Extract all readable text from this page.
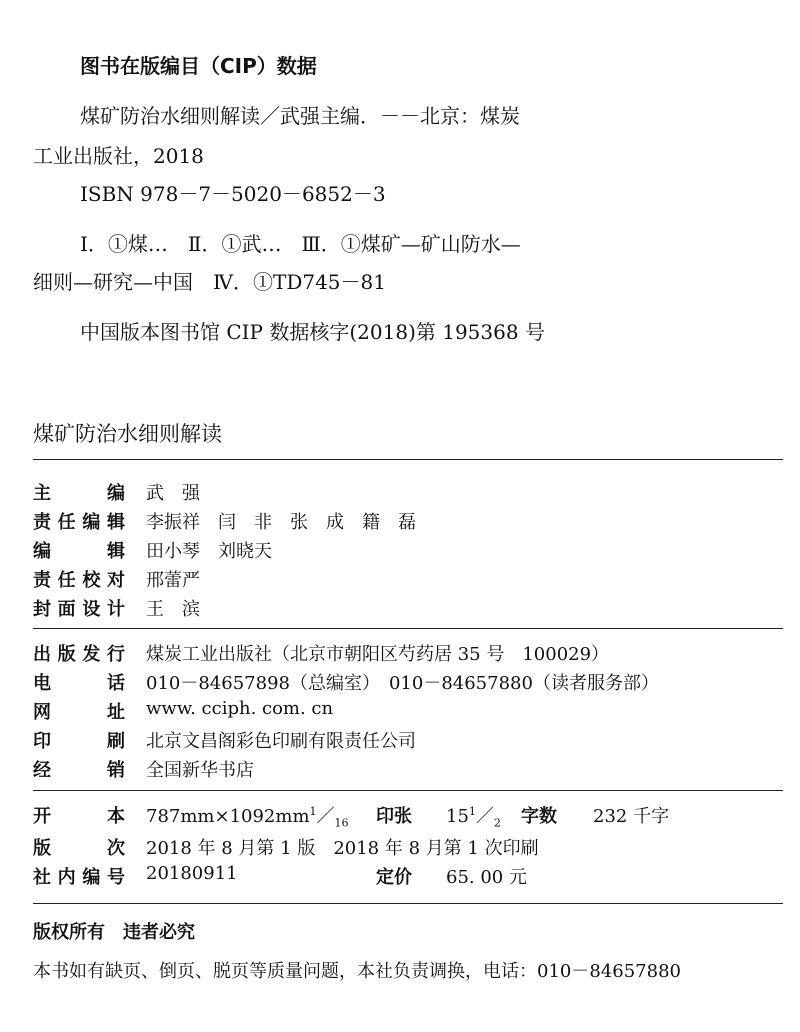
图书在版编目（CIP）数据
煤矿防治水细则解读／武强主编．－－北京：煤炭
工业出版社，2018
ISBN 978－7－5020－6852－3
Ⅰ．①煤…　Ⅱ．①武…　Ⅲ．①煤矿—矿山防水—
细则—研究—中国　Ⅳ．①TD745－81
中国版本图书馆 CIP 数据核字(2018)第 195368 号
煤矿防治水细则解读
主	编 武　强
责 任 编 辑 李振祥　闫　非　张　成　籍　磊
编	辑 田小琴　刘晓天
责 任 校 对 邢蕾严
封 面 设 计 王　滨
出 版 发 行 煤炭工业出版社（北京市朝阳区芍药居 35 号　100029）
电	话 010－84657898（总编室）　010－84657880（读者服务部）
网	址 www. cciph. com. cn
印	刷 北京文昌阁彩色印刷有限责任公司
经	销 全国新华书店
开	本 $787mm\times 1092mm^1/_{16}$ 印张 $15^1/_2$ 字数 232 千字
版	次 2018 年 8 月第 1 版　2018 年 8 月第 1 次印刷
社 内 编 号 20180911	定价 65. 00 元
版权所有　违者必究
本书如有缺页、倒页、脱页等质量问题，本社负责调换，电话：010－84657880
